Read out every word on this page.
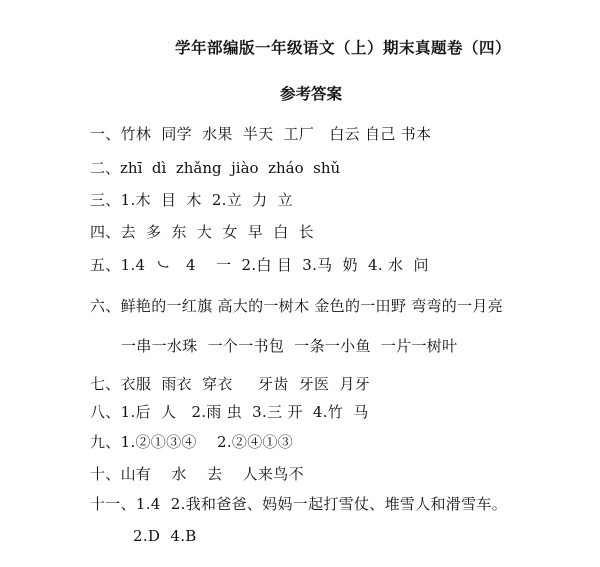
学年部编版一年级语文（上）期末真题卷（四）
参考答案
一、竹林  同学  水果  半天  工厂   白云 自己 书本
二、zhī  dì  zhǎng  jiào  zháo  shǔ
三、1.木  目  木  2.立  力  立
四、去  多  东  大  女  早  白  长
五、1.4  ㇃   4    一  2.白 目  3.马  奶  4. 水  问
六、鲜艳的一红旗 高大的一树木 金色的一田野 弯弯的一月亮
一串一水珠  一个一书包  一条一小鱼  一片一树叶
七、衣服  雨衣  穿衣     牙齿  牙医  月牙
八、1.后  人   2.雨 虫  3.三 开  4.竹  马
九、1.②①③④    2.②④①③
十、山有    水    去    人来鸟不
十一、1.4  2.我和爸爸、妈妈一起打雪仗、堆雪人和滑雪车。
2.D  4.B
